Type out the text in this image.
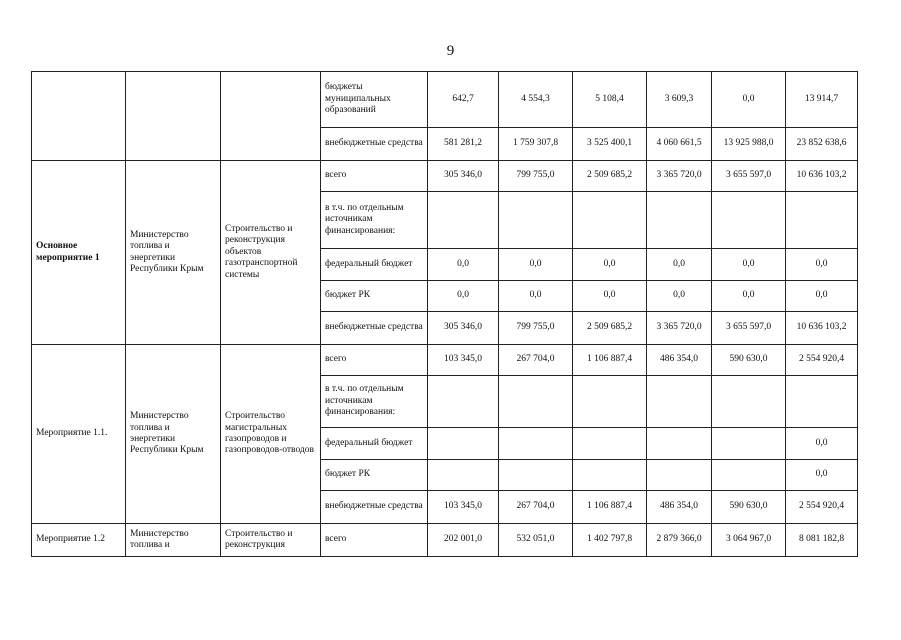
9
			бюджеты муниципальных образований	642,7	4 554,3	5 108,4	3 609,3	0,0	13 914,7
			внебюджетные средства	581 281,2	1 759 307,8	3 525 400,1	4 060 661,5	13 925 988,0	23 852 638,6
Основное мероприятие 1	Министерство топлива и энергетики Республики Крым	Строительство и реконструкция объектов газотранспортной системы	всего	305 346,0	799 755,0	2 509 685,2	3 365 720,0	3 655 597,0	10 636 103,2
			в т.ч. по отдельным источникам финансирования:						
			федеральный бюджет	0,0	0,0	0,0	0,0	0,0	0,0
			бюджет РК	0,0	0,0	0,0	0,0	0,0	0,0
			внебюджетные средства	305 346,0	799 755,0	2 509 685,2	3 365 720,0	3 655 597,0	10 636 103,2
Мероприятие 1.1.	Министерство топлива и энергетики Республики Крым	Строительство магистральных газопроводов и газопроводов-отводов	всего	103 345,0	267 704,0	1 106 887,4	486 354,0	590 630,0	2 554 920,4
			в т.ч. по отдельным источникам финансирования:						
			федеральный бюджет						0,0
			бюджет РК						0,0
			внебюджетные средства	103 345,0	267 704,0	1 106 887,4	486 354,0	590 630,0	2 554 920,4
Мероприятие 1.2	Министерство топлива и	Строительство и реконструкция	всего	202 001,0	532 051,0	1 402 797,8	2 879 366,0	3 064 967,0	8 081 182,8
